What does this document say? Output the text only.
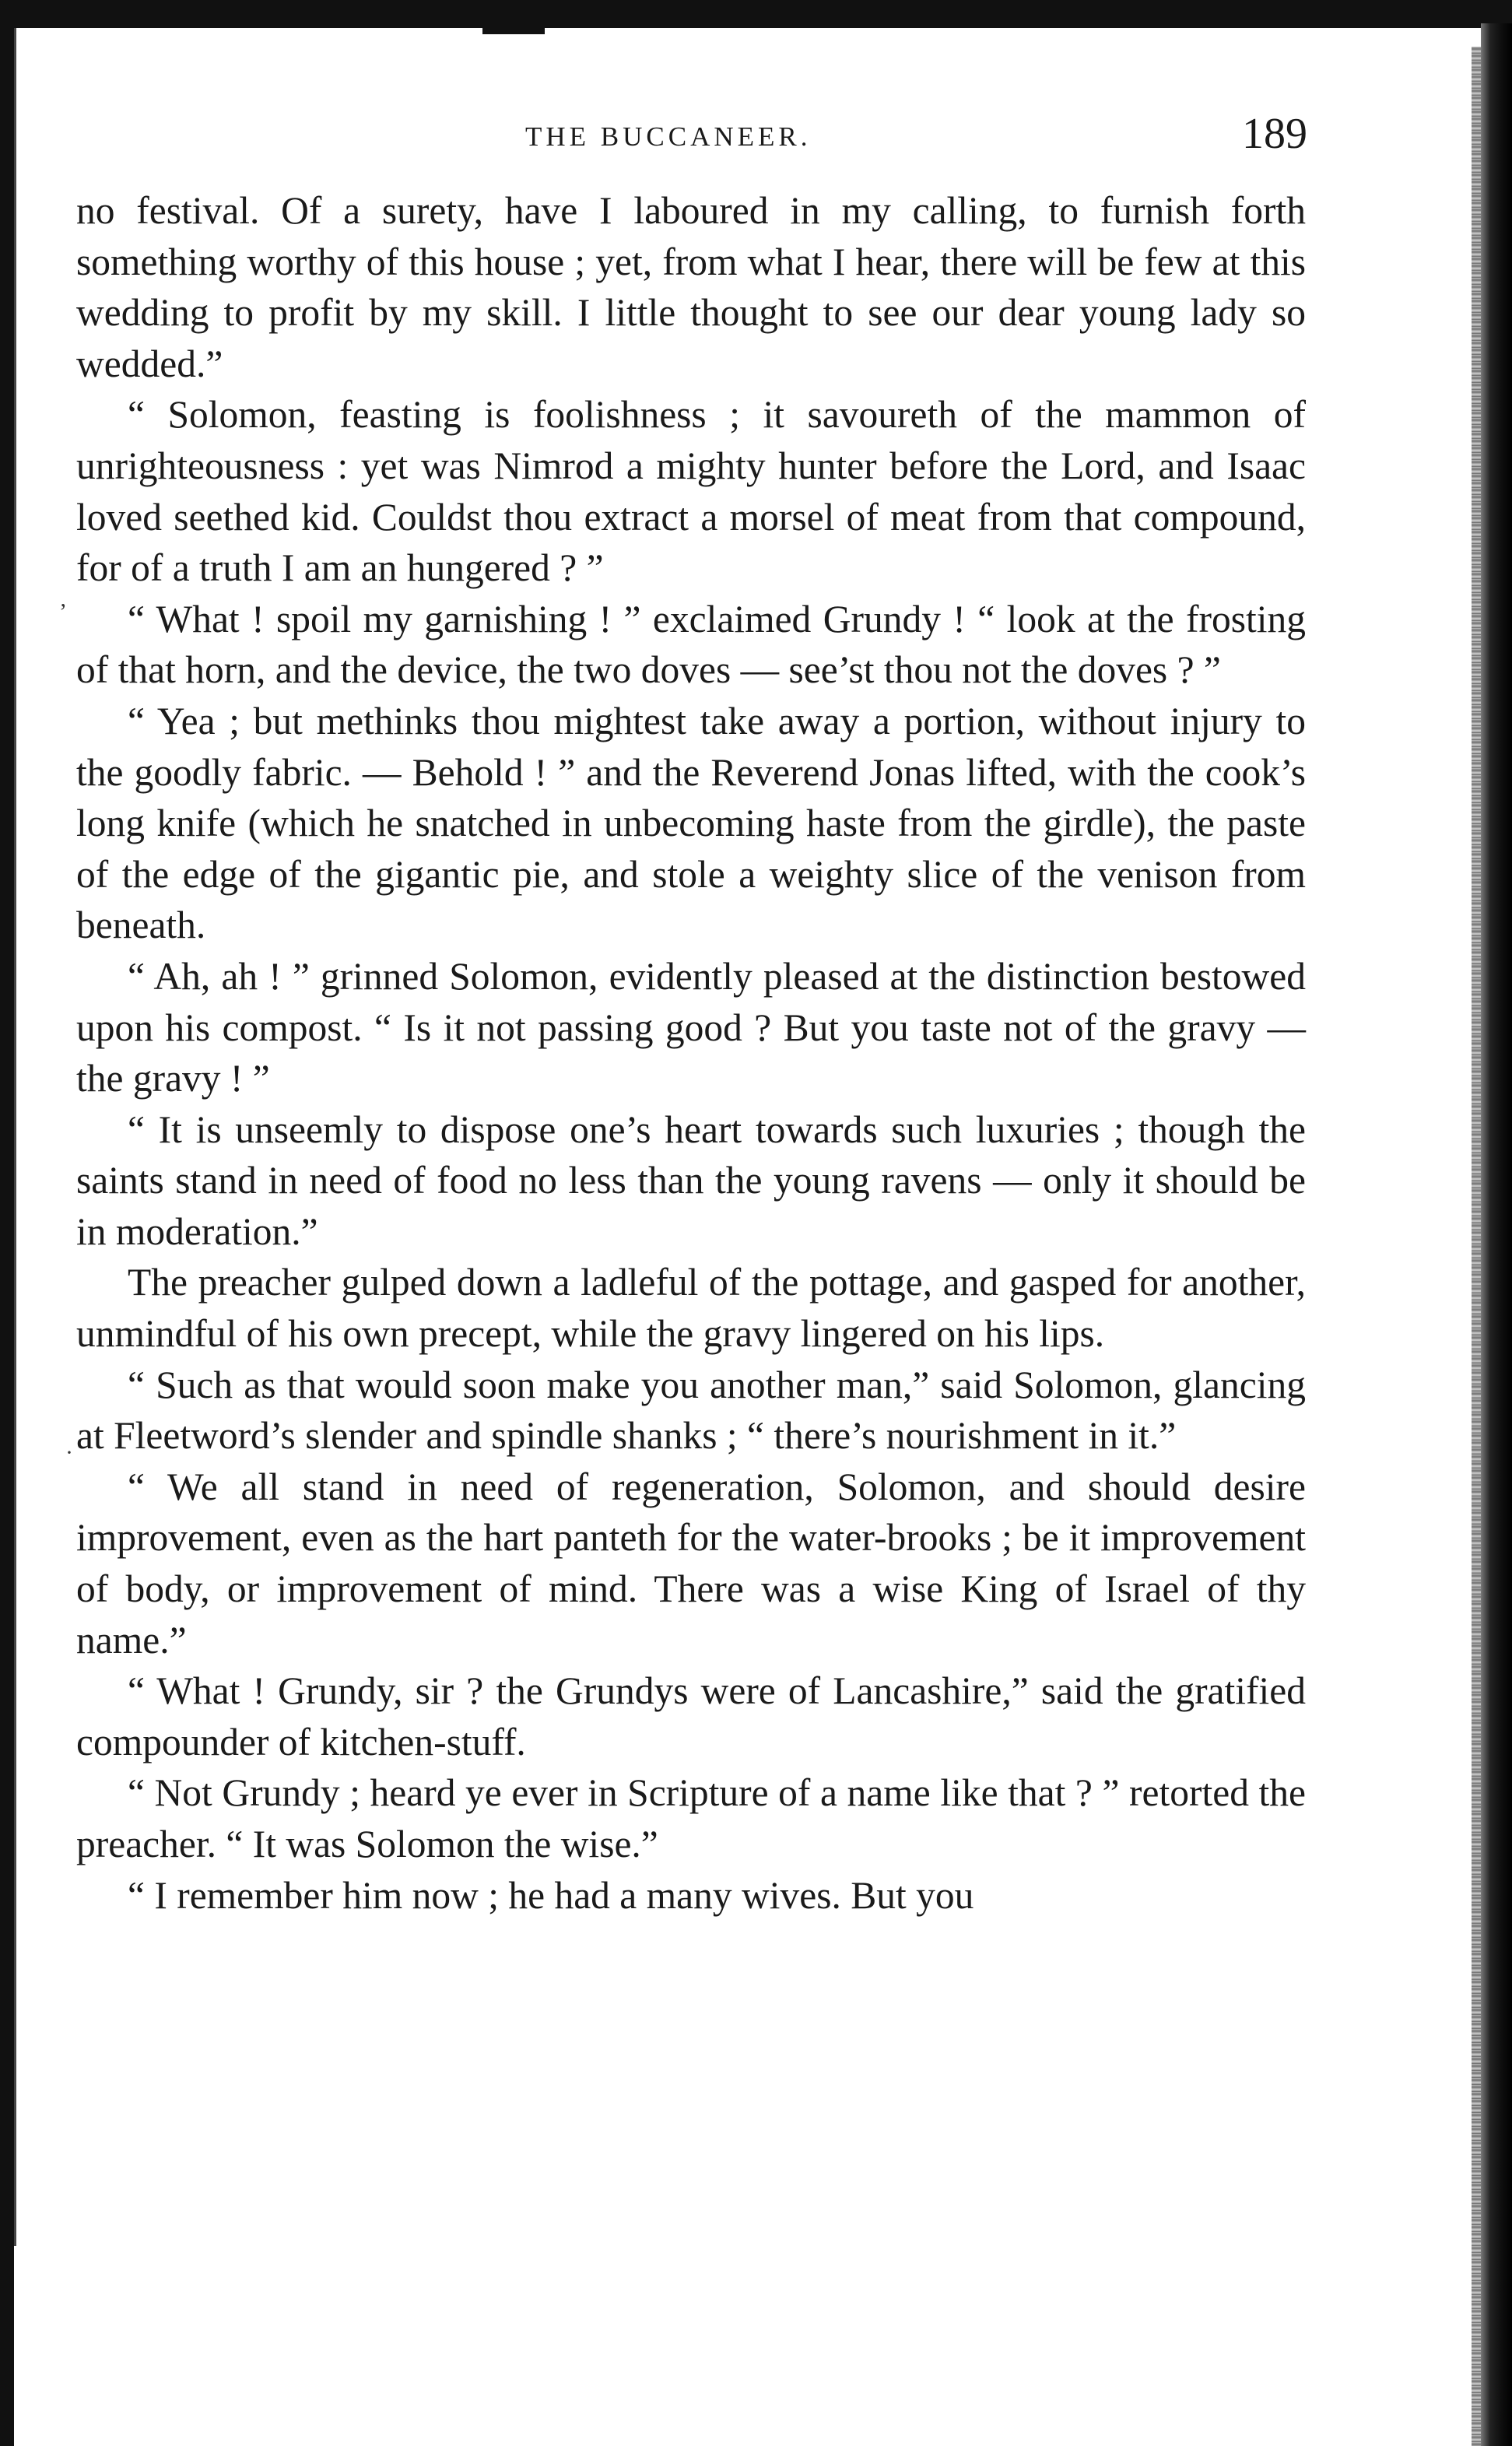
THE BUCCANEER.	189

no festival. Of a surety, have I laboured in my calling, to furnish forth something worthy of this house ; yet, from what I hear, there will be few at this wedding to profit by my skill. I little thought to see our dear young lady so wedded.”

“ Solomon, feasting is foolishness ; it savoureth of the mammon of unrighteousness : yet was Nimrod a mighty hunter before the Lord, and Isaac loved seethed kid. Couldst thou extract a morsel of meat from that compound, for of a truth I am an hungered ? ”

“ What ! spoil my garnishing ! ” exclaimed Grundy ! “ look at the frosting of that horn, and the device, the two doves — see’st thou not the doves ? ”

“ Yea ; but methinks thou mightest take away a portion, without injury to the goodly fabric. — Behold ! ” and the Reverend Jonas lifted, with the cook’s long knife (which he snatched in unbecoming haste from the girdle), the paste of the edge of the gigantic pie, and stole a weighty slice of the venison from beneath.

“ Ah, ah ! ” grinned Solomon, evidently pleased at the distinction bestowed upon his compost. “ Is it not passing good ? But you taste not of the gravy — the gravy ! ”

“ It is unseemly to dispose one’s heart towards such luxuries ; though the saints stand in need of food no less than the young ravens — only it should be in moderation.”

The preacher gulped down a ladleful of the pottage, and gasped for another, unmindful of his own precept, while the gravy lingered on his lips.

“ Such as that would soon make you another man,” said Solomon, glancing at Fleetword’s slender and spindle shanks ; “ there’s nourishment in it.”

“ We all stand in need of regeneration, Solomon, and should desire improvement, even as the hart panteth for the water-brooks ; be it improvement of body, or improvement of mind. There was a wise King of Israel of thy name.”

“ What ! Grundy, sir ? the Grundys were of Lancashire,” said the gratified compounder of kitchen-stuff.

“ Not Grundy ; heard ye ever in Scripture of a name like that ? ” retorted the preacher. “ It was Solomon the wise.”

“ I remember him now ; he had a many wives. But you

ʼ
·
